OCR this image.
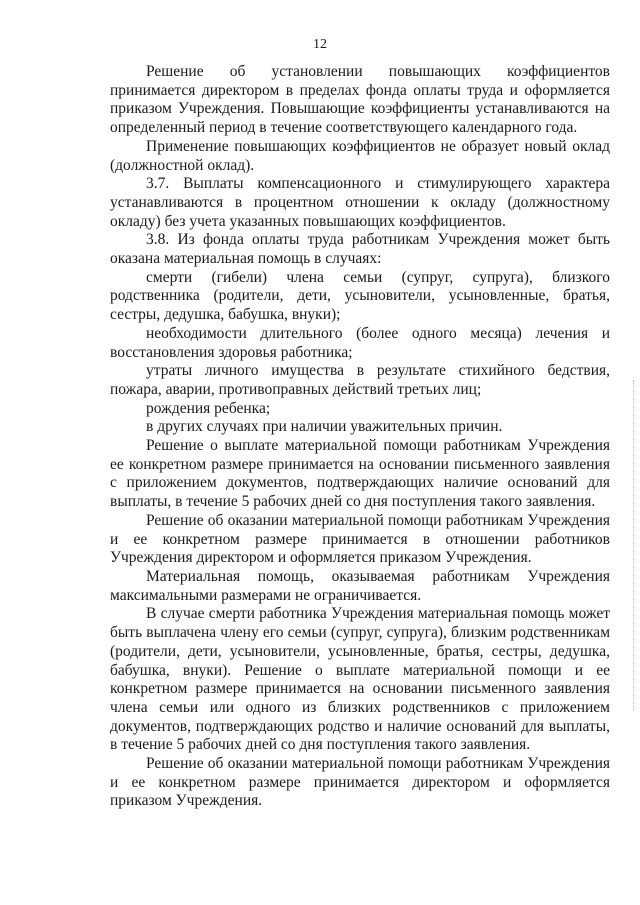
12

Решение об установлении повышающих коэффициентов принимается директором в пределах фонда оплаты труда и оформляется приказом Учреждения. Повышающие коэффициенты устанавливаются на определенный период в течение соответствующего календарного года.

Применение повышающих коэффициентов не образует новый оклад (должностной оклад).

3.7. Выплаты компенсационного и стимулирующего характера устанавливаются в процентном отношении к окладу (должностному окладу) без учета указанных повышающих коэффициентов.

3.8. Из фонда оплаты труда работникам Учреждения может быть оказана материальная помощь в случаях:

смерти (гибели) члена семьи (супруг, супруга), близкого родственника (родители, дети, усыновители, усыновленные, братья, сестры, дедушка, бабушка, внуки);

необходимости длительного (более одного месяца) лечения и восстановления здоровья работника;

утраты личного имущества в результате стихийного бедствия, пожара, аварии, противоправных действий третьих лиц;

рождения ребенка;

в других случаях при наличии уважительных причин.

Решение о выплате материальной помощи работникам Учреждения ее конкретном размере принимается на основании письменного заявления с приложением документов, подтверждающих наличие оснований для выплаты, в течение 5 рабочих дней со дня поступления такого заявления.

Решение об оказании материальной помощи работникам Учреждения и ее конкретном размере принимается в отношении работников Учреждения директором и оформляется приказом Учреждения.

Материальная помощь, оказываемая работникам Учреждения максимальными размерами не ограничивается.

В случае смерти работника Учреждения материальная помощь может быть выплачена члену его семьи (супруг, супруга), близким родственникам (родители, дети, усыновители, усыновленные, братья, сестры, дедушка, бабушка, внуки). Решение о выплате материальной помощи и ее конкретном размере принимается на основании письменного заявления члена семьи или одного из близких родственников с приложением документов, подтверждающих родство и наличие оснований для выплаты, в течение 5 рабочих дней со дня поступления такого заявления.

Решение об оказании материальной помощи работникам Учреждения и ее конкретном размере принимается директором и оформляется приказом Учреждения.
